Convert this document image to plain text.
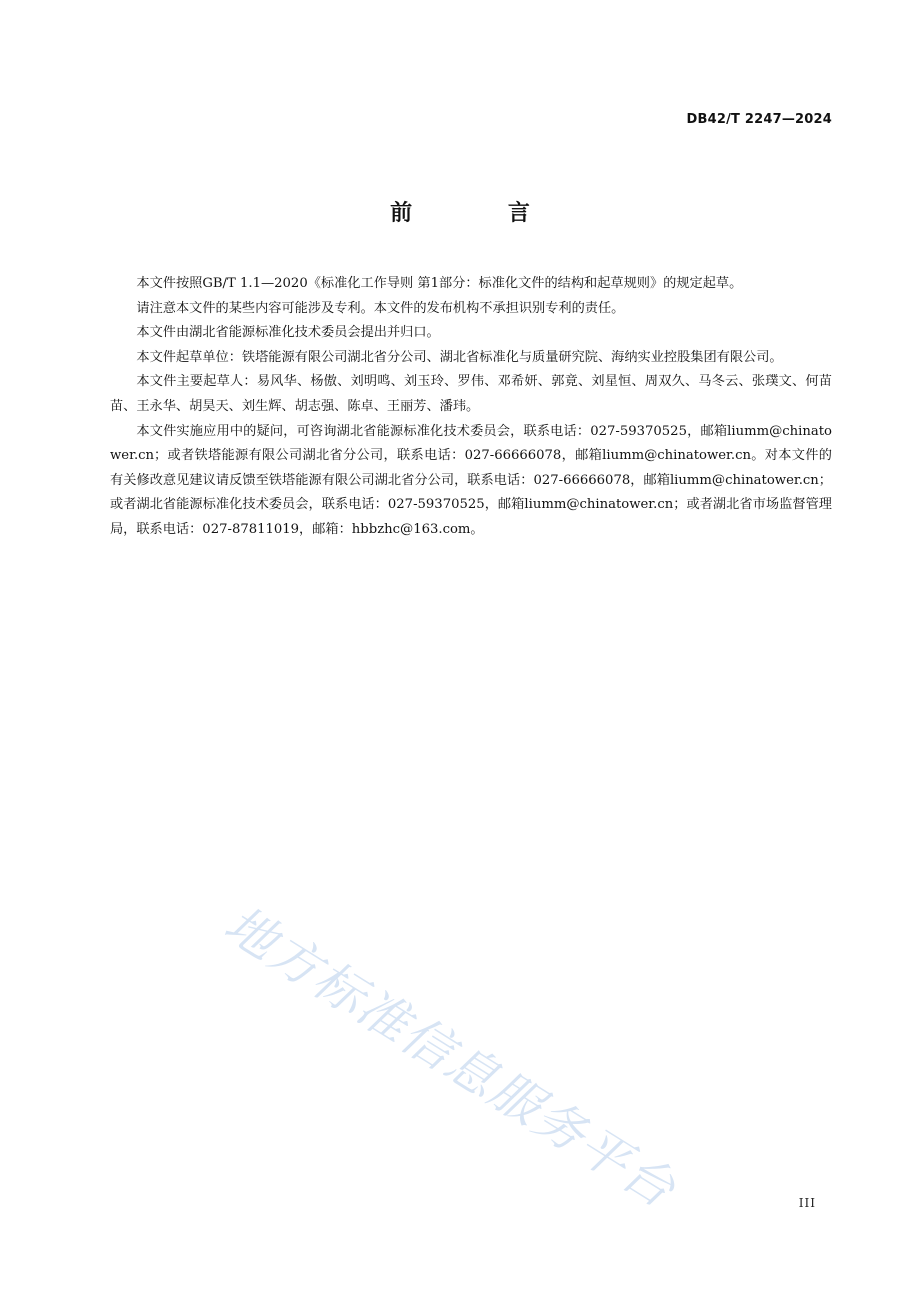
DB42/T 2247—2024
前 言

本文件按照GB/T 1.1—2020《标准化工作导则 第1部分：标准化文件的结构和起草规则》的规定起草。

请注意本文件的某些内容可能涉及专利。本文件的发布机构不承担识别专利的责任。

本文件由湖北省能源标准化技术委员会提出并归口。

本文件起草单位：铁塔能源有限公司湖北省分公司、湖北省标准化与质量研究院、海纳实业控股集团有限公司。

本文件主要起草人：易风华、杨傲、刘明鸣、刘玉玲、罗伟、邓希妍、郭竟、刘星恒、周双久、马冬云、张璞文、何苗苗、王永华、胡昊天、刘生辉、胡志强、陈卓、王丽芳、潘玮。

本文件实施应用中的疑问，可咨询湖北省能源标准化技术委员会，联系电话：027-59370525，邮箱liumm@chinatower.cn；或者铁塔能源有限公司湖北省分公司，联系电话：027-66666078，邮箱liumm@chinatower.cn。对本文件的有关修改意见建议请反馈至铁塔能源有限公司湖北省分公司，联系电话：027-66666078，邮箱liumm@chinatower.cn；或者湖北省能源标准化技术委员会，联系电话：027-59370525，邮箱liumm@chinatower.cn；或者湖北省市场监督管理局，联系电话：027-87811019，邮箱：hbbzhc@163.com。

地方标准信息服务平台	III
